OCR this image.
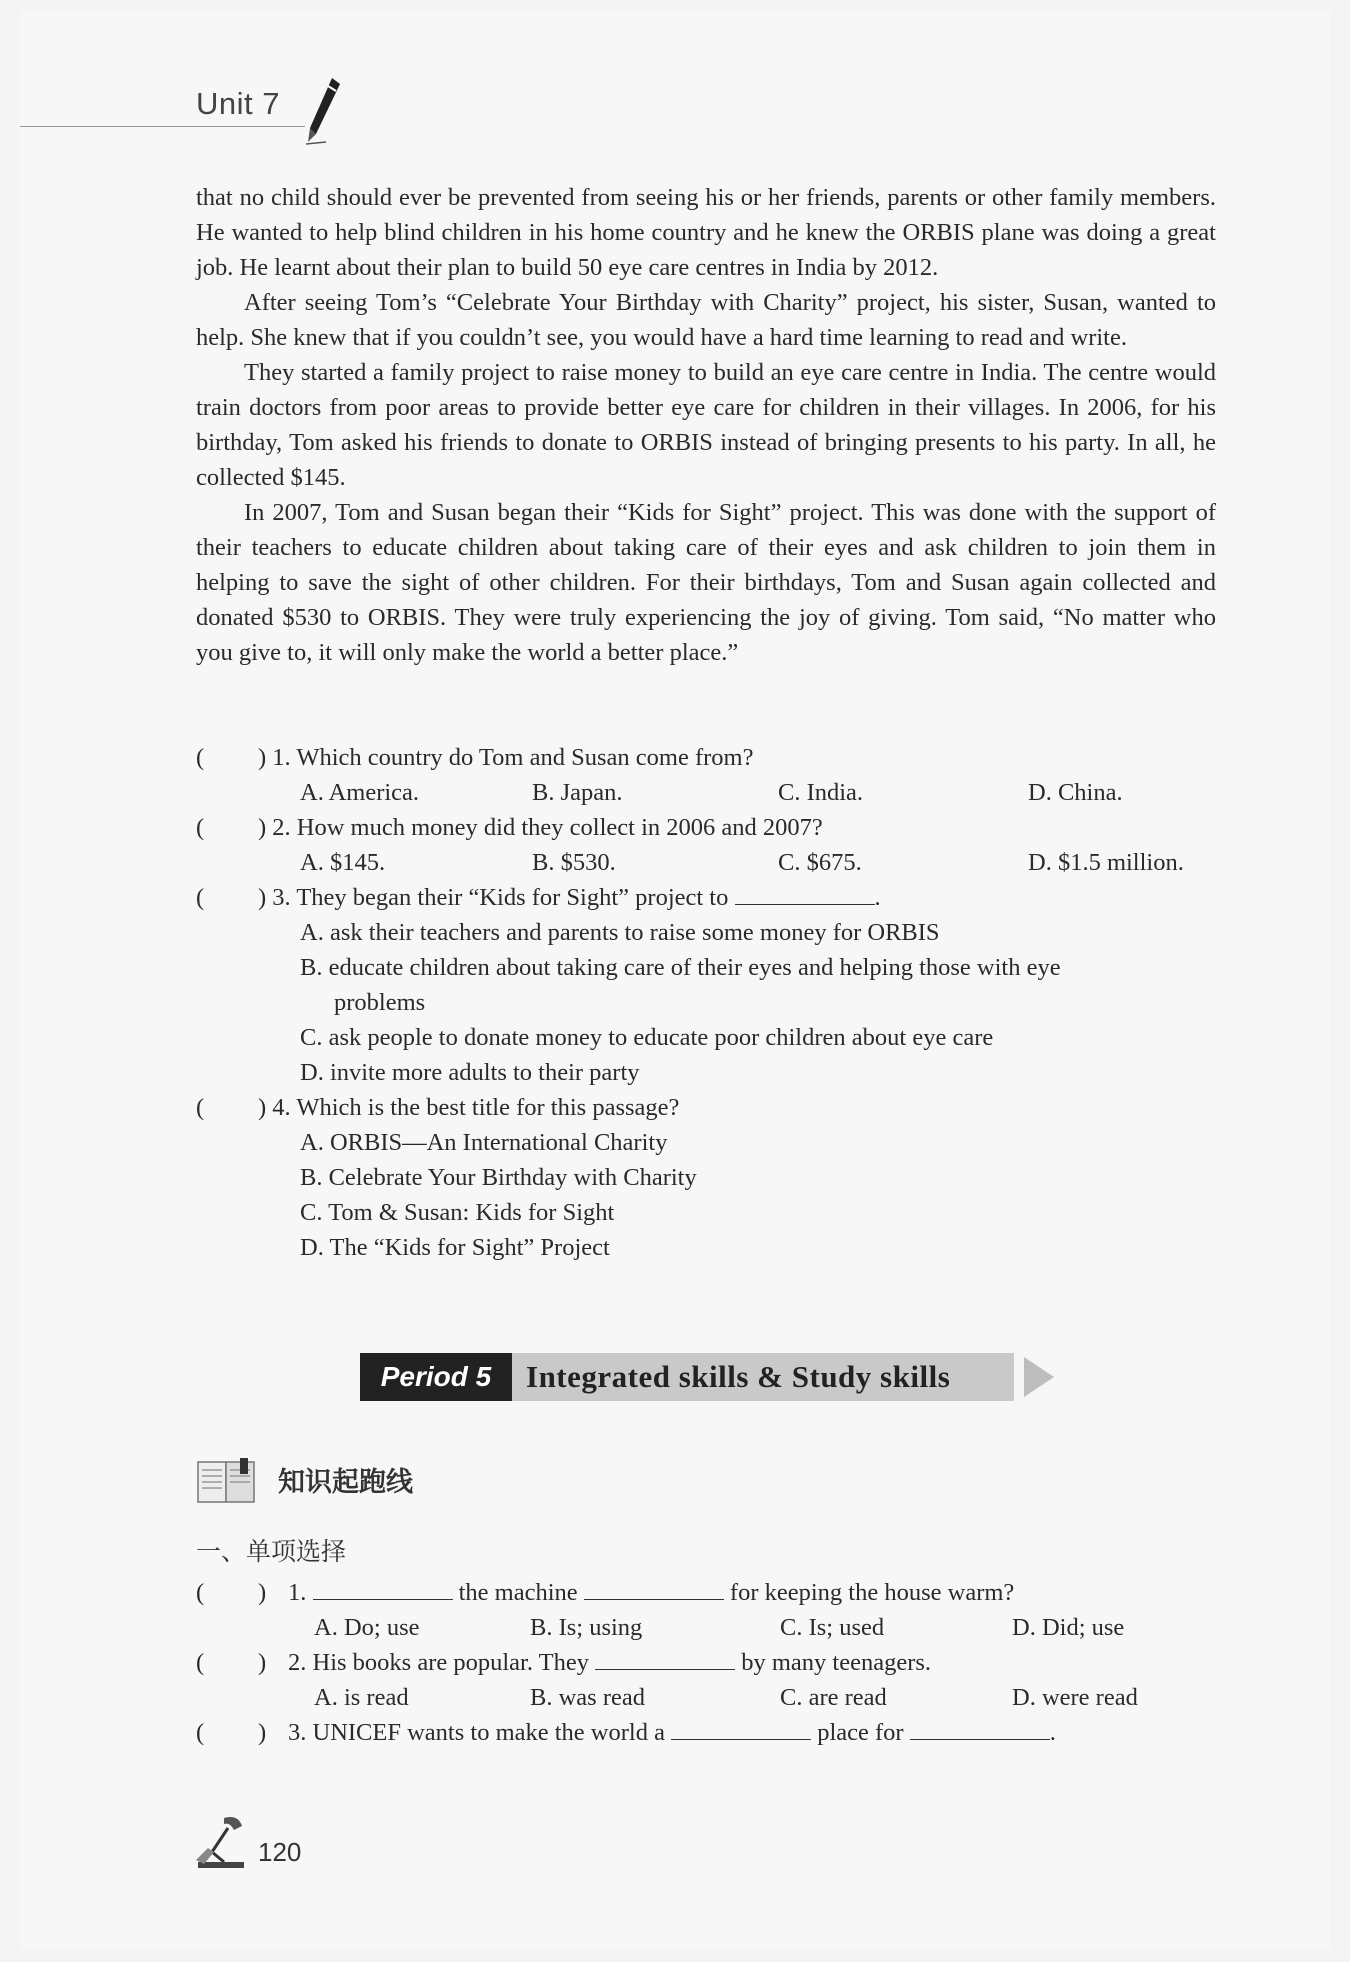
Unit 7

that no child should ever be prevented from seeing his or her friends, parents or other family members. He wanted to help blind children in his home country and he knew the ORBIS plane was doing a great job. He learnt about their plan to build 50 eye care centres in India by 2012.

After seeing Tom’s “Celebrate Your Birthday with Charity” project, his sister, Susan, wanted to help. She knew that if you couldn’t see, you would have a hard time learning to read and write.

They started a family project to raise money to build an eye care centre in India. The centre would train doctors from poor areas to provide better eye care for children in their villages. In 2006, for his birthday, Tom asked his friends to donate to ORBIS instead of bringing presents to his party. In all, he collected $145.

In 2007, Tom and Susan began their “Kids for Sight” project. This was done with the support of their teachers to educate children about taking care of their eyes and ask children to join them in helping to save the sight of other children. For their birthdays, Tom and Susan again collected and donated $530 to ORBIS. They were truly experiencing the joy of giving. Tom said, “No matter who you give to, it will only make the world a better place.”

( ) 1. Which country do Tom and Susan come from?
A. America.	B. Japan.	C. India.	D. China.
( ) 2. How much money did they collect in 2006 and 2007?
A. $145.	B. $530.	C. $675.	D. $1.5 million.
( ) 3. They began their “Kids for Sight” project to	.
A. ask their teachers and parents to raise some money for ORBIS
B. educate children about taking care of their eyes and helping those with eye
problems
C. ask people to donate money to educate poor children about eye care
D. invite more adults to their party
( ) 4. Which is the best title for this passage?
A. ORBIS—An International Charity
B. Celebrate Your Birthday with Charity
C. Tom & Susan: Kids for Sight
D. The “Kids for Sight” Project
Period 5	Integrated skills & Study skills
知识起跑线
一、单项选择
( ) 1.	the machine	for keeping the house warm?
A. Do; use	B. Is; using	C. Is; used	D. Did; use
( ) 2. His books are popular. They	by many teenagers.
A. is read	B. was read	C. are read	D. were read
( ) 3. UNICEF wants to make the world a	place for	.
120
